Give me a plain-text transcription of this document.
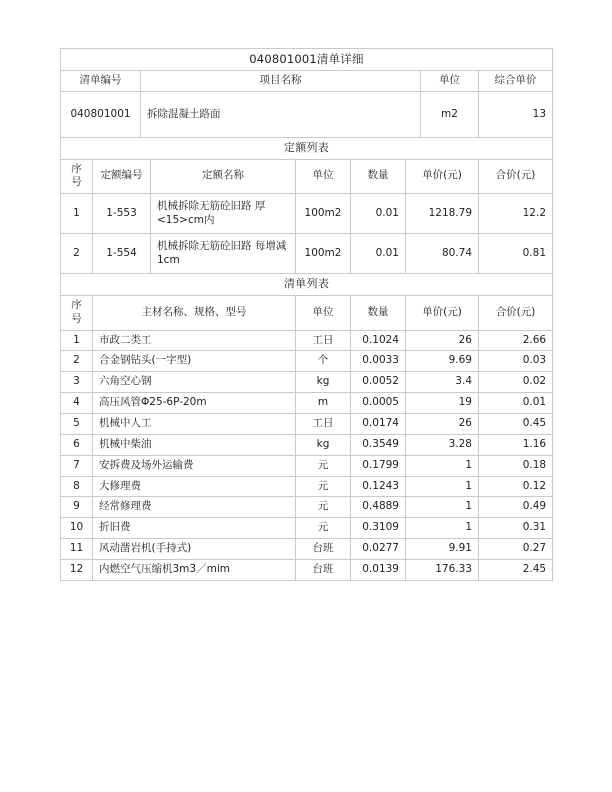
040801001清单详细			
清单编号	项目名称	单位	综合单价
040801001	拆除混凝土路面	m2	13
定额列表						
序号	定额编号	定额名称	单位	数量	单价(元)	合价(元)
1	1-553	机械拆除无筋砼旧路 厚<15>cm内	100m2	0.01	1218.79	12.2
2	1-554	机械拆除无筋砼旧路 每增减1cm	100m2	0.01	80.74	0.81
清单列表					
序号	主材名称、规格、型号	单位	数量	单价(元)	合价(元)
1	市政二类工	工日	0.1024	26	2.66
2	合金钢钻头(一字型)	个	0.0033	9.69	0.03
3	六角空心钢	kg	0.0052	3.4	0.02
4	高压风管Φ25-6P-20m	m	0.0005	19	0.01
5	机械中人工	工日	0.0174	26	0.45
6	机械中柴油	kg	0.3549	3.28	1.16
7	安拆费及场外运输费	元	0.1799	1	0.18
8	大修理费	元	0.1243	1	0.12
9	经常修理费	元	0.4889	1	0.49
10	折旧费	元	0.3109	1	0.31
11	风动凿岩机(手持式)	台班	0.0277	9.91	0.27
12	内燃空气压缩机3m3／mim	台班	0.0139	176.33	2.45
